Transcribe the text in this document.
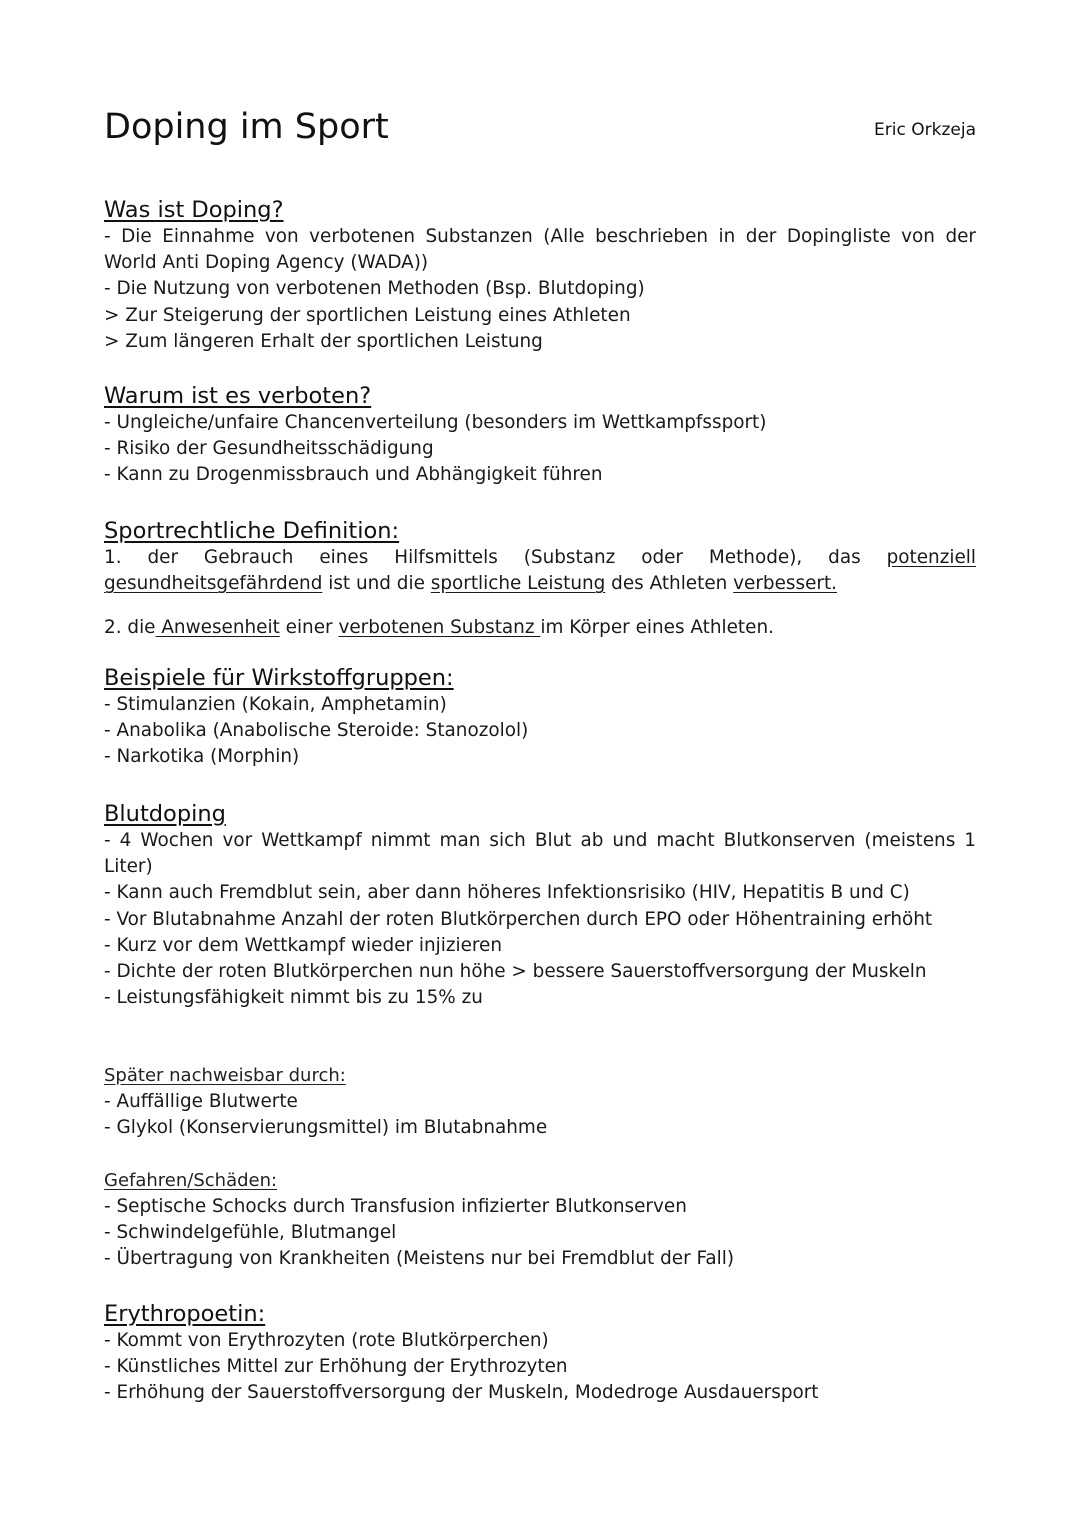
Doping im Sport	Eric Orkzeja
Was ist Doping?
- Die Einnahme von verbotenen Substanzen (Alle beschrieben in der Dopingliste von der World Anti Doping Agency (WADA))
- Die Nutzung von verbotenen Methoden (Bsp. Blutdoping)
> Zur Steigerung der sportlichen Leistung eines Athleten
> Zum längeren Erhalt der sportlichen Leistung
Warum ist es verboten?
- Ungleiche/unfaire Chancenverteilung (besonders im Wettkampfssport)
- Risiko der Gesundheitsschädigung
- Kann zu Drogenmissbrauch und Abhängigkeit führen
Sportrechtliche Definition:

1. der Gebrauch eines Hilfsmittels (Substanz oder Methode), das potenziell gesundheitsgefährdend ist und die sportliche Leistung des Athleten verbessert.

2. die Anwesenheit einer verbotenen Substanz im Körper eines Athleten.

Beispiele für Wirkstoffgruppen:
- Stimulanzien (Kokain, Amphetamin)
- Anabolika (Anabolische Steroide: Stanozolol)
- Narkotika (Morphin)
Blutdoping
- 4 Wochen vor Wettkampf nimmt man sich Blut ab und macht Blutkonserven (meistens 1 Liter)
- Kann auch Fremdblut sein, aber dann höheres Infektionsrisiko (HIV, Hepatitis B und C)
- Vor Blutabnahme Anzahl der roten Blutkörperchen durch EPO oder Höhentraining erhöht
- Kurz vor dem Wettkampf wieder injizieren
- Dichte der roten Blutkörperchen nun höhe > bessere Sauerstoffversorgung der Muskeln
- Leistungsfähigkeit nimmt bis zu 15% zu
Später nachweisbar durch:
- Auffällige Blutwerte
- Glykol (Konservierungsmittel) im Blutabnahme
Gefahren/Schäden:
- Septische Schocks durch Transfusion infizierter Blutkonserven
- Schwindelgefühle, Blutmangel
- Übertragung von Krankheiten (Meistens nur bei Fremdblut der Fall)
Erythropoetin:
- Kommt von Erythrozyten (rote Blutkörperchen)
- Künstliches Mittel zur Erhöhung der Erythrozyten
- Erhöhung der Sauerstoffversorgung der Muskeln, Modedroge Ausdauersport
